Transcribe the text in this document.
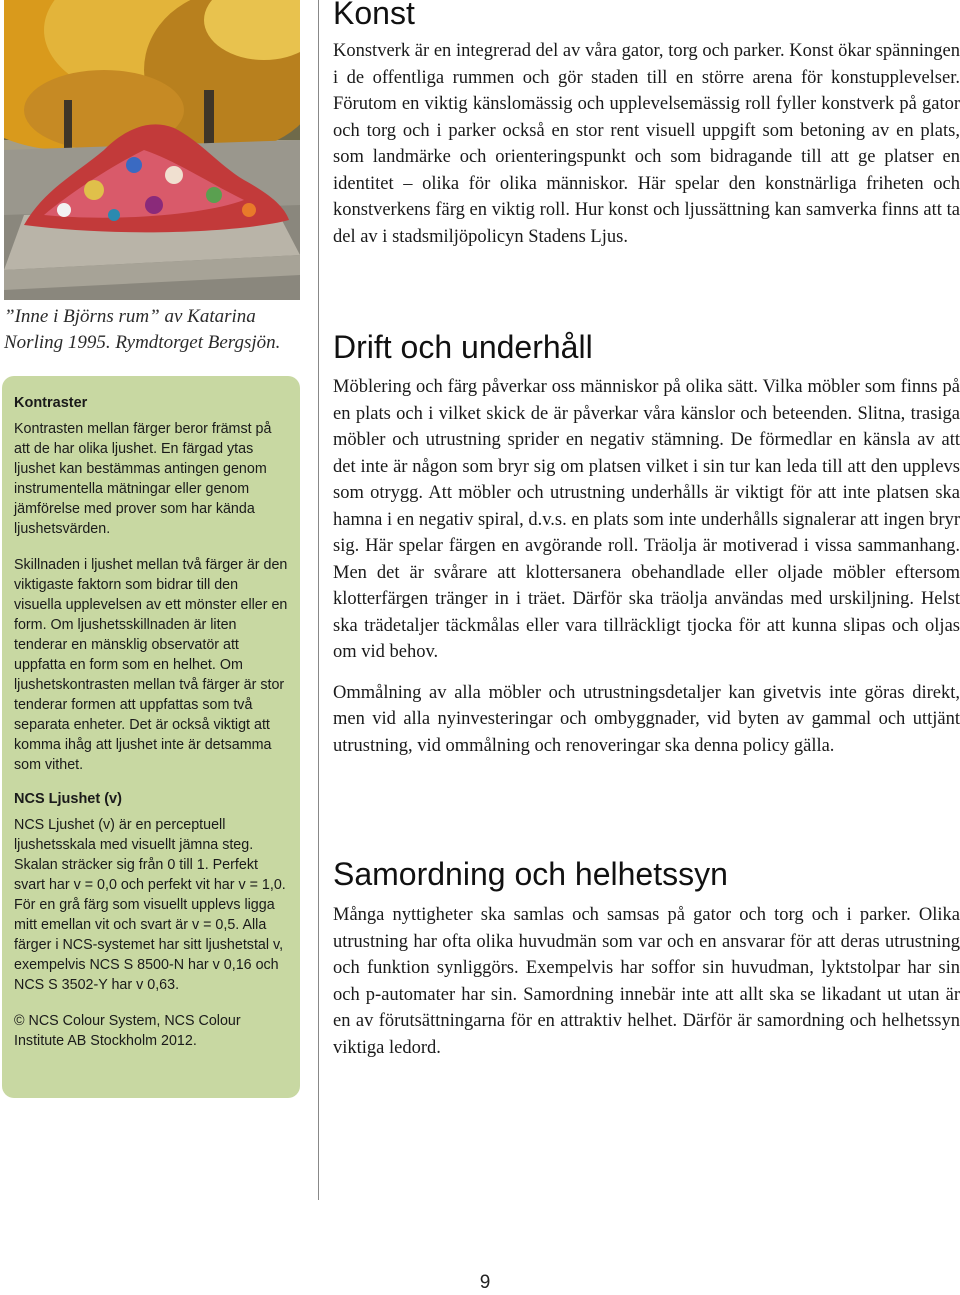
”Inne i Björns rum” av Katarina Norling 1995. Rymdtorget Bergsjön.
Kontraster

Kontrasten mellan färger beror främst på att de har olika ljushet. En färgad ytas ljushet kan bestämmas antingen genom instrumentella mätningar eller genom jämförelse med prover som har kända ljushetsvärden.

Skillnaden i ljushet mellan två färger är den viktigaste faktorn som bidrar till den visuella upplevelsen av ett mönster eller en form. Om ljushetsskillnaden är liten tenderar en mänsklig observatör att uppfatta en form som en helhet. Om ljushetskontrasten mellan två färger är stor tenderar formen att uppfattas som två separata enheter. Det är också viktigt att komma ihåg att ljushet inte är detsamma som vithet.

NCS Ljushet (v)

NCS Ljushet (v) är en perceptuell ljushetsskala med visuellt jämna steg. Skalan sträcker sig från 0 till 1. Perfekt svart har v = 0,0 och perfekt vit har v = 1,0. För en grå färg som visuellt upplevs ligga mitt emellan vit och svart är v = 0,5. Alla färger i NCS-systemet har sitt ljushetstal v, exempelvis NCS S 8500-N har v 0,16 och NCS S 3502-Y har v 0,63.

© NCS Colour System, NCS Colour Institute AB Stockholm 2012.

Konst

Konstverk är en integrerad del av våra gator, torg och parker. Konst ökar spänningen i de offentliga rummen och gör staden till en större arena för konstupplevelser. Förutom en viktig känslomässig och upplevelsemässig roll fyller konstverk på gator och torg och i parker också en stor rent visuell uppgift som betoning av en plats, som landmärke och orienteringspunkt och som bidragande till att ge platser en identitet – olika för olika människor. Här spelar den konstnärliga friheten och konstverkens färg en viktig roll. Hur konst och ljussättning kan samverka finns att ta del av i stadsmiljöpolicyn Stadens Ljus.

Drift och underhåll

Möblering och färg påverkar oss människor på olika sätt. Vilka möbler som finns på en plats och i vilket skick de är påverkar våra känslor och beteenden. Slitna, trasiga möbler och utrustning sprider en negativ stämning. De förmedlar en känsla av att det inte är någon som bryr sig om platsen vilket i sin tur kan leda till att den upplevs som otrygg. Att möbler och utrustning underhålls är viktigt för att inte platsen ska hamna i en negativ spiral, d.v.s. en plats som inte underhålls signalerar att ingen bryr sig. Här spelar färgen en avgörande roll. Träolja är motiverad i vissa sammanhang. Men det är svårare att klottersanera obehandlade eller oljade möbler eftersom klotterfärgen tränger in i träet. Därför ska träolja användas med urskiljning. Helst ska trädetaljer täckmålas eller vara tillräckligt tjocka för att kunna slipas och oljas om vid behov.

Ommålning av alla möbler och utrustningsdetaljer kan givetvis inte göras direkt, men vid alla nyinvesteringar och ombyggnader, vid byten av gammal och uttjänt utrustning, vid ommålning och renoveringar ska denna policy gälla.

Samordning och helhetssyn

Många nyttigheter ska samlas och samsas på gator och torg och i parker. Olika utrustning har ofta olika huvudmän som var och en ansvarar för att deras utrustning och funktion synliggörs. Exempelvis har soffor sin huvudman, lyktstolpar har sin och p-automater har sin. Samordning innebär inte att allt ska se likadant ut utan är en av förutsättningarna för en attraktiv helhet. Därför är samordning och helhetssyn viktiga ledord.

9
